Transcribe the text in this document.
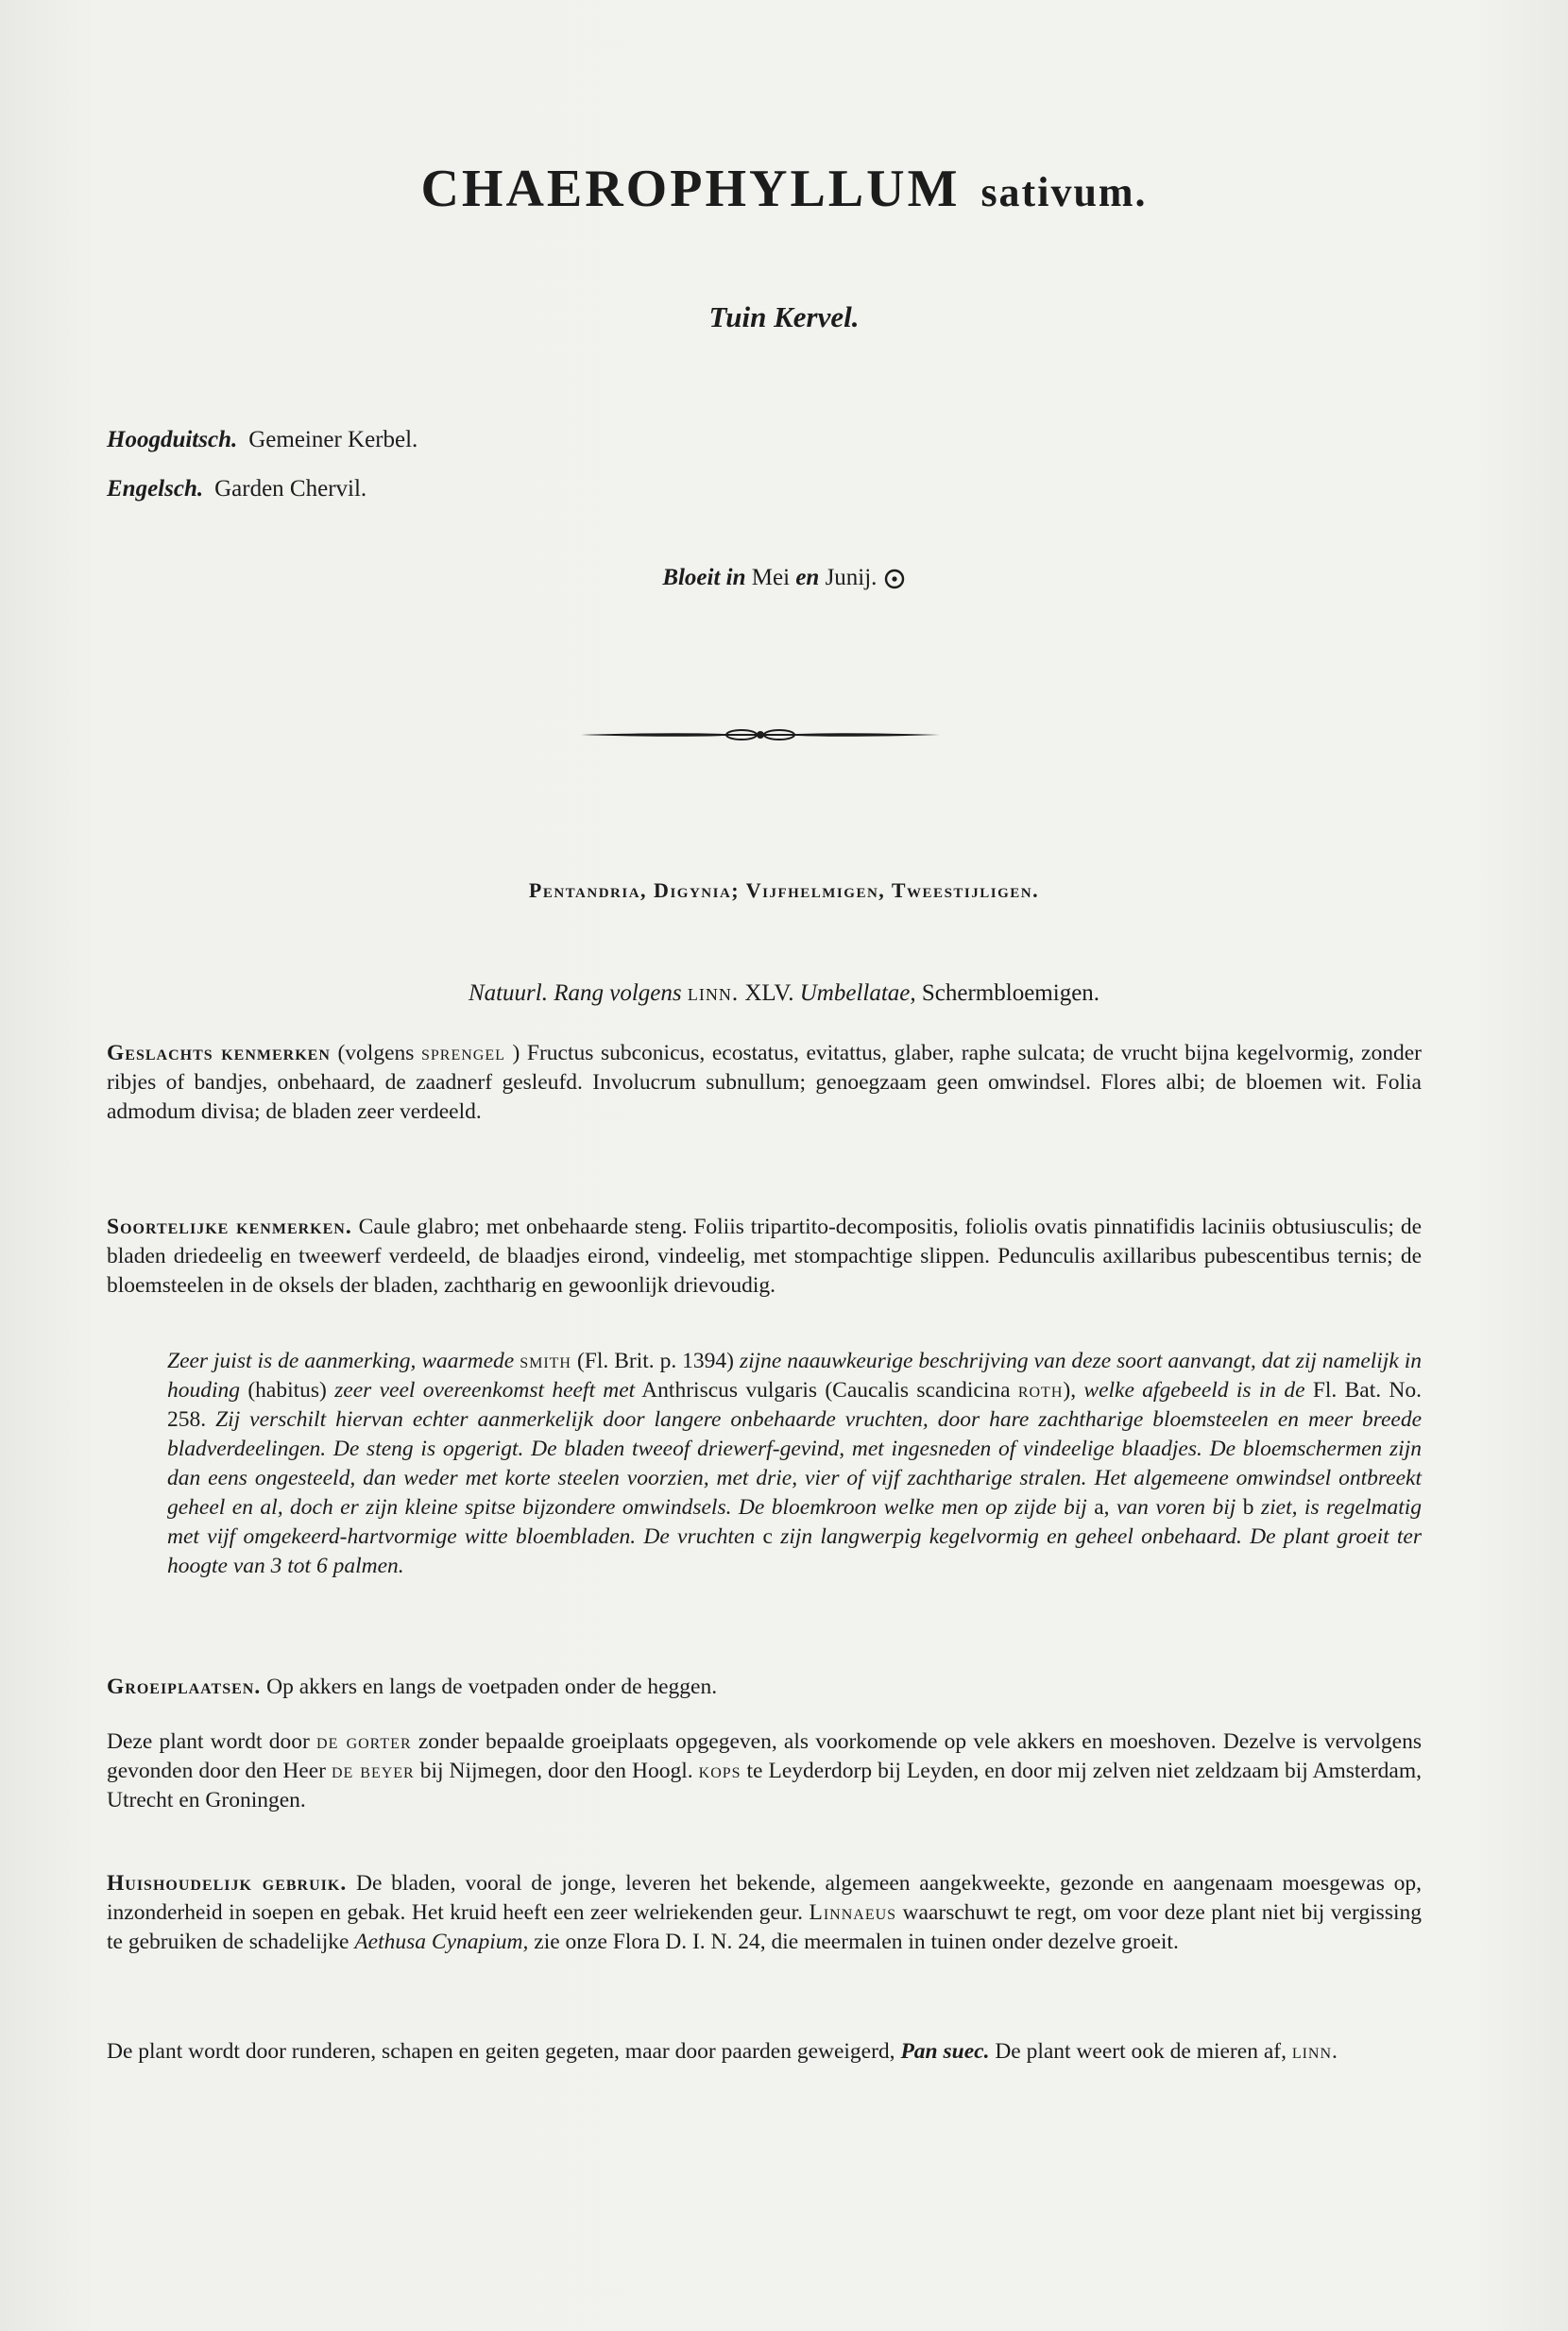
CHAEROPHYLLUM sativum.
Tuin Kervel.
Hoogduitsch. Gemeiner Kerbel.
Engelsch. Garden Chervil.
Bloeit in Mei en Junij.
Pentandria, Digynia; Vijfhelmigen, Tweestijligen.
Natuurl. Rang volgens linn. XLV. Umbellatae, Schermbloemigen.
Geslachts kenmerken (volgens sprengel ) Fructus subconicus, ecostatus, evitattus, glaber, raphe sulcata; de vrucht bijna kegelvormig, zonder ribjes of bandjes, onbehaard, de zaadnerf gesleufd. Involucrum subnullum; genoegzaam geen omwindsel. Flores albi; de bloemen wit. Folia admodum divisa; de bladen zeer verdeeld.
Soortelijke kenmerken. Caule glabro; met onbehaarde steng. Foliis tripartito-decompositis, foliolis ovatis pinnatifidis laciniis obtusiusculis; de bladen driedeelig en tweewerf verdeeld, de blaadjes eirond, vindeelig, met stompachtige slippen. Pedunculis axillaribus pubescentibus ternis; de bloemsteelen in de oksels der bladen, zachtharig en gewoonlijk drievoudig.
Zeer juist is de aanmerking, waarmede smith (Fl. Brit. p. 1394) zijne naauwkeurige beschrijving van deze soort aanvangt, dat zij namelijk in houding (habitus) zeer veel overeenkomst heeft met Anthriscus vulgaris (Caucalis scandicina roth), welke afgebeeld is in de Fl. Bat. No. 258. Zij verschilt hiervan echter aanmerkelijk door langere onbehaarde vruchten, door hare zachtharige bloemsteelen en meer breede bladverdeelingen. De steng is opgerigt. De bladen tweeof driewerf-gevind, met ingesneden of vindeelige blaadjes. De bloemschermen zijn dan eens ongesteeld, dan weder met korte steelen voorzien, met drie, vier of vijf zachtharige stralen. Het algemeene omwindsel ontbreekt geheel en al, doch er zijn kleine spitse bijzondere omwindsels. De bloemkroon welke men op zijde bij a, van voren bij b ziet, is regelmatig met vijf omgekeerd-hartvormige witte bloembladen. De vruchten c zijn langwerpig kegelvormig en geheel onbehaard. De plant groeit ter hoogte van 3 tot 6 palmen.
Groeiplaatsen. Op akkers en langs de voetpaden onder de heggen.
Deze plant wordt door de gorter zonder bepaalde groeiplaats opgegeven, als voorkomende op vele akkers en moeshoven. Dezelve is vervolgens gevonden door den Heer de beyer bij Nijmegen, door den Hoogl. kops te Leyderdorp bij Leyden, en door mij zelven niet zeldzaam bij Amsterdam, Utrecht en Groningen.
Huishoudelijk gebruik. De bladen, vooral de jonge, leveren het bekende, algemeen aangekweekte, gezonde en aangenaam moesgewas op, inzonderheid in soepen en gebak. Het kruid heeft een zeer welriekenden geur. Linnaeus waarschuwt te regt, om voor deze plant niet bij vergissing te gebruiken de schadelijke Aethusa Cynapium, zie onze Flora D. I. N. 24, die meermalen in tuinen onder dezelve groeit.
De plant wordt door runderen, schapen en geiten gegeten, maar door paarden geweigerd, Pan suec. De plant weert ook de mieren af, linn.
